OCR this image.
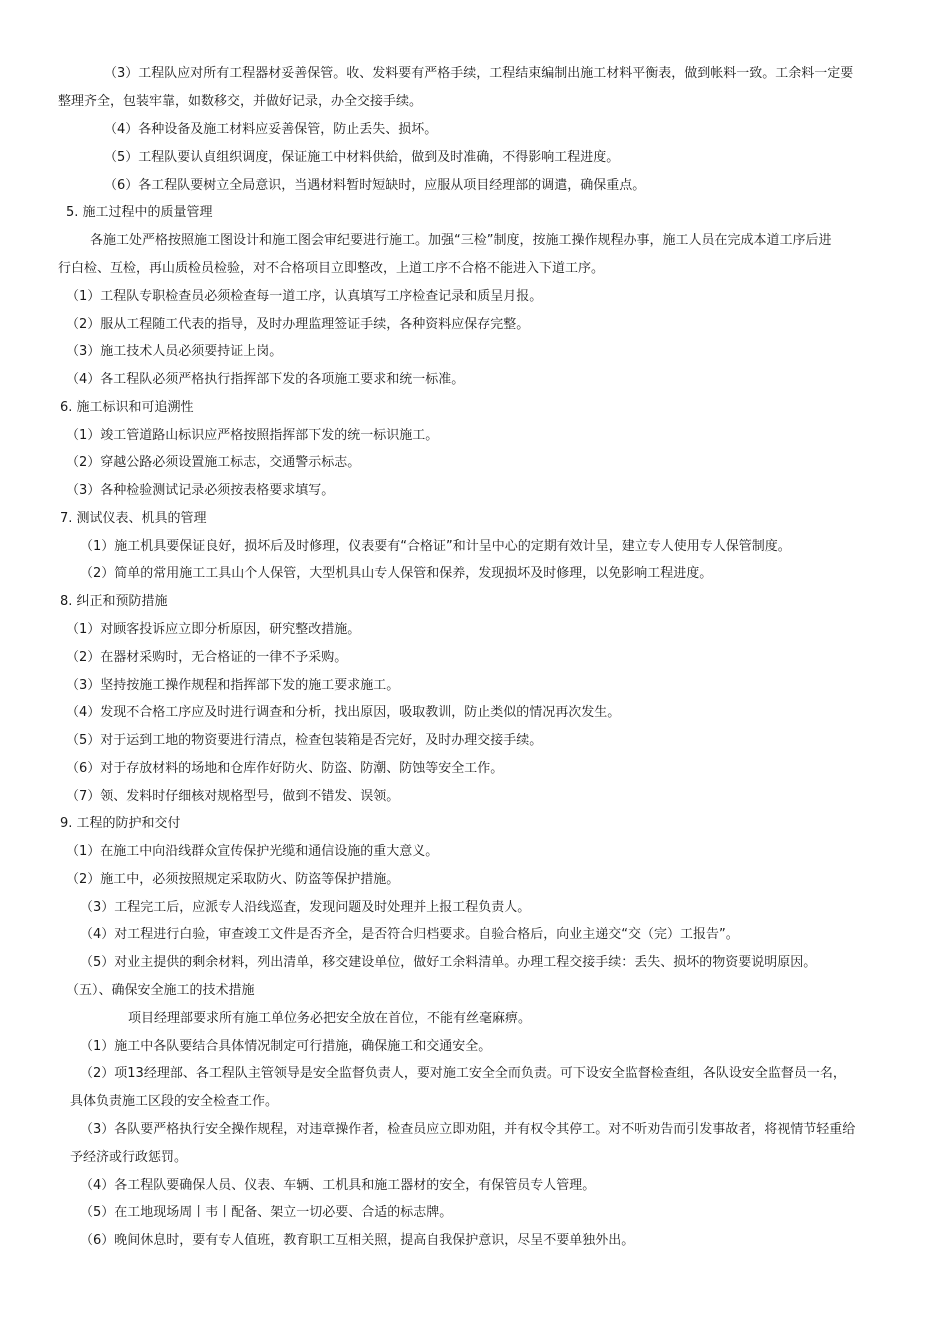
（3）工程队应对所有工程器材妥善保管。收、发料要有严格手续，工程结束编制出施工材料平衡表，做到帐料一致。工余料一定要
整理齐全，包装牢靠，如数移交，并做好记录，办全交接手续。
（4）各种设备及施工材料应妥善保管，防止丢失、损坏。
（5）工程队要认貞组织调度，保证施工中材料供給，做到及时准确，不得影响工程进度。
（6）各工程队要树立全局意识，当遇材料暂时短缺时，应服从项目经理部的调遣，确保重点。
5. 施工过程中的质量管理
各施工处严格按照施工图设计和施工图会审纪要进行施工。加强“三检”制度，按施工操作规程办事，施工人员在完成本道工序后进
行白检、互检，再山质检员检验，对不合格项目立即整改，上道工序不合格不能进入下道工序。
（1）工程队专职检查员必须检查每一道工序，认真填写工序检查记录和质呈月报。
（2）服从工程随工代表的指导，及时办理监理签证手续，各种资料应保存完整。
（3）施工技术人员必须要持证上岗。
（4）各工程队必须严格执行指挥部下发的各项施工要求和统一标准。
6. 施工标识和可追溯性
（1）竣工管道路山标识应严格按照指挥部下发的统一标识施工。
（2）穿越公路必须设置施工标志，交通警示标志。
（3）各种检验测试记录必须按表格要求填写。
7. 测试仪表、机具的管理
（1）施工机具要保证良好，损坏后及时修理，仪表要有“合格证”和计呈中心的定期有效计呈，建立专人使用专人保管制度。
（2）简单的常用施工工具山个人保管，大型机具山专人保管和保养，发现损坏及时修理，以免影响工程进度。
8. 纠正和预防措施
（1）对顾客投诉应立即分析原因，研究整改措施。
（2）在器材采购时，无合格证的一律不予采购。
（3）坚持按施工操作规程和指挥部下发的施工要求施工。
（4）发现不合格工序应及时进行调查和分析，找出原因，吸取教训，防止类似的情况再次发生。
（5）对于运到工地的物资要进行清点，检查包装箱是否完好，及时办理交接手续。
（6）对于存放材料的场地和仓库作好防火、防盗、防潮、防蚀等安全工作。
（7）领、发料时仔细核对规格型号，做到不错发、误领。
9. 工程的防护和交付
（1）在施工中向沿线群众宣传保护光缆和通信设施的重大意义。
（2）施工中，必须按照规定采取防火、防盗等保护措施。
（3）工程完工后，应派专人沿线巡査，发现问题及时处理并上报工程负责人。
（4）对工程进行白验，审查竣工文件是否齐全，是否符合归档要求。自验合格后，向业主递交“交（完）工报告”。
（5）对业主提供的剩余材料，列出清单，移交建设单位，做好工余料清单。办理工程交接手续：丢失、损坏的物资要说明原因。
（五）、确保安全施工的技术措施
项目经理部要求所有施工单位务必把安全放在首位，不能有丝毫麻痹。
（1）施工中各队要结合具体情况制定可行措施，确保施工和交通安全。
（2）项13经理部、各工程队主管领导是安全监督负责人，要对施工安全全而负责。可下设安全监督检查组，各队设安全监督员一名，
具体负责施工区段的安全检查工作。
（3）各队要严格执行安全操作规程，对违章操作者，检查员应立即劝阻，并有权令其停工。对不听劝告而引发事故者，将视情节轻重给
予经济或行政惩罚。
（4）各工程队要确保人员、仪表、车辆、工机具和施工器材的安全，有保管员专人管理。
（5）在工地现场周丨韦丨配备、架立一切必要、合适的标志牌。
（6）晚间休息时，要有专人值班，教育职工互相关照，提高自我保护意识，尽呈不要单独外出。
